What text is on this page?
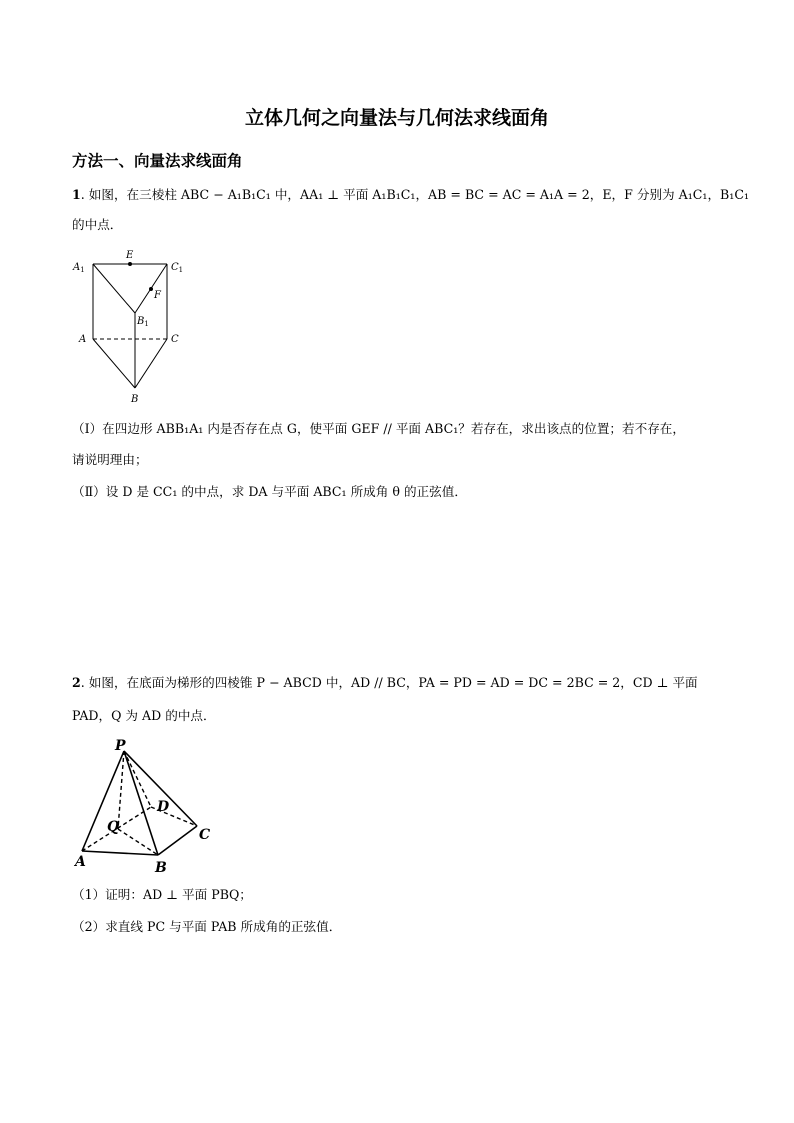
立体几何之向量法与几何法求线面角
方法一、向量法求线面角
1. 如图，在三棱柱 ABC − A₁B₁C₁ 中，AA₁ ⊥ 平面 A₁B₁C₁，AB = BC = AC = A₁A = 2，E，F 分别为 A₁C₁，B₁C₁
的中点．
$A_1$	$C_1$
E
F
$B_1$
A	C
B
（Ⅰ）在四边形 ABB₁A₁ 内是否存在点 G，使平面 GEF // 平面 ABC₁？若存在，求出该点的位置；若不存在，
请说明理由；
（Ⅱ）设 D 是 CC₁ 的中点，求 DA 与平面 ABC₁ 所成角 θ 的正弦值．
2. 如图，在底面为梯形的四棱锥 P − ABCD 中，AD // BC，PA = PD = AD = DC = 2BC = 2，CD ⊥ 平面
PAD，Q 为 AD 的中点．
P
D
Q	C
A	B
（1）证明：AD ⊥ 平面 PBQ；
（2）求直线 PC 与平面 PAB 所成角的正弦值．
